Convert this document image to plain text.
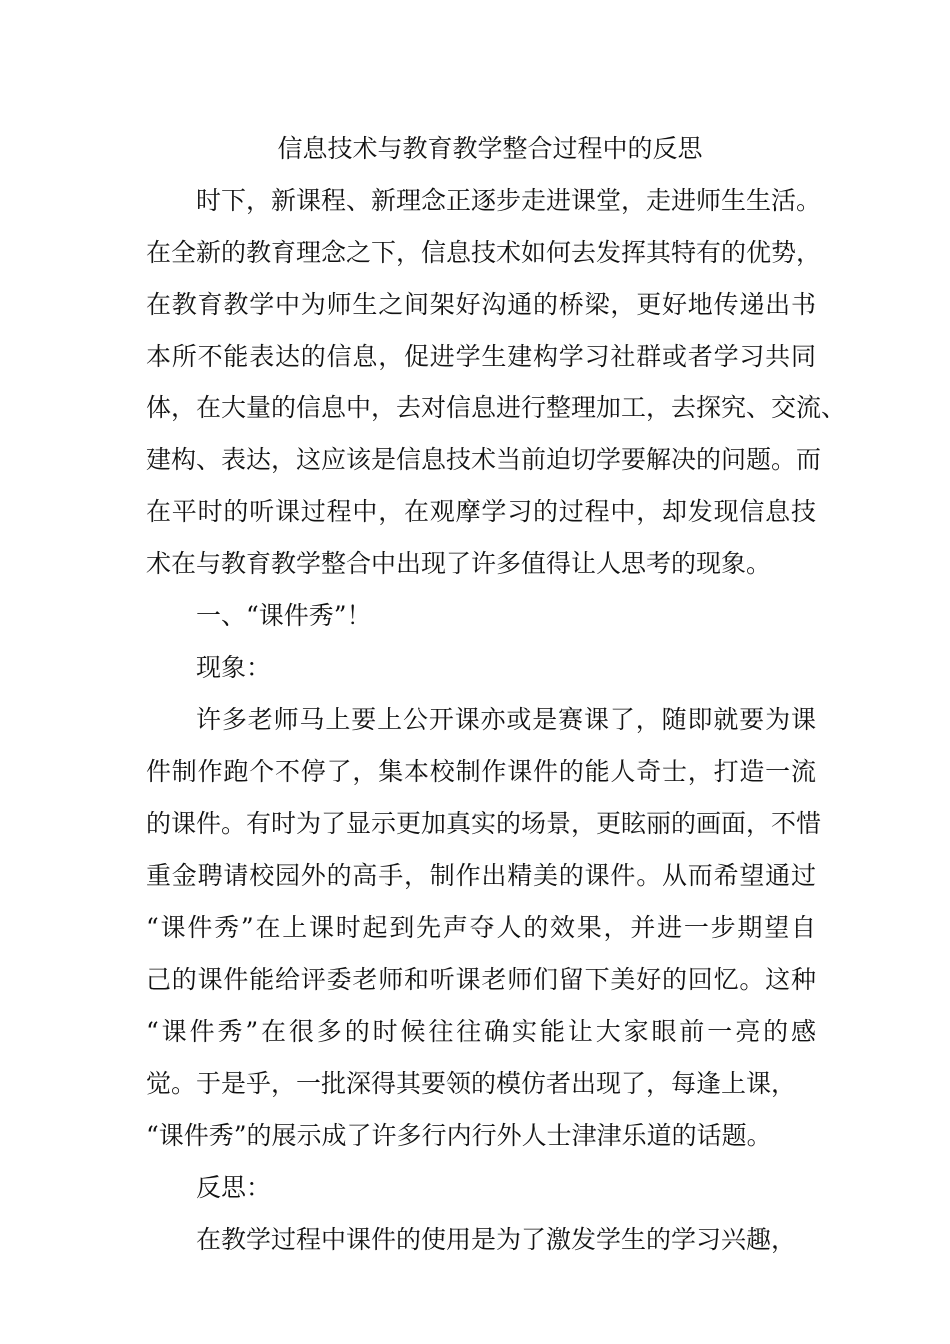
信息技术与教育教学整合过程中的反思
时下，新课程、新理念正逐步走进课堂，走进师生生活。
在全新的教育理念之下，信息技术如何去发挥其特有的优势，
在教育教学中为师生之间架好沟通的桥梁，更好地传递出书
本所不能表达的信息，促进学生建构学习社群或者学习共同
体，在大量的信息中，去对信息进行整理加工，去探究、交流、
建构、表达，这应该是信息技术当前迫切学要解决的问题。而
在平时的听课过程中，在观摩学习的过程中，却发现信息技
术在与教育教学整合中出现了许多值得让人思考的现象。
一、“课件秀”！
现象：
许多老师马上要上公开课亦或是赛课了，随即就要为课
件制作跑个不停了，集本校制作课件的能人奇士，打造一流
的课件。有时为了显示更加真实的场景，更眩丽的画面，不惜
重金聘请校园外的高手，制作出精美的课件。从而希望通过
“课件秀”在上课时起到先声夺人的效果，并进一步期望自
己的课件能给评委老师和听课老师们留下美好的回忆。这种
“课件秀”在很多的时候往往确实能让大家眼前一亮的感
觉。于是乎，一批深得其要领的模仿者出现了，每逢上课，
“课件秀”的展示成了许多行内行外人士津津乐道的话题。
反思：
在教学过程中课件的使用是为了激发学生的学习兴趣，
